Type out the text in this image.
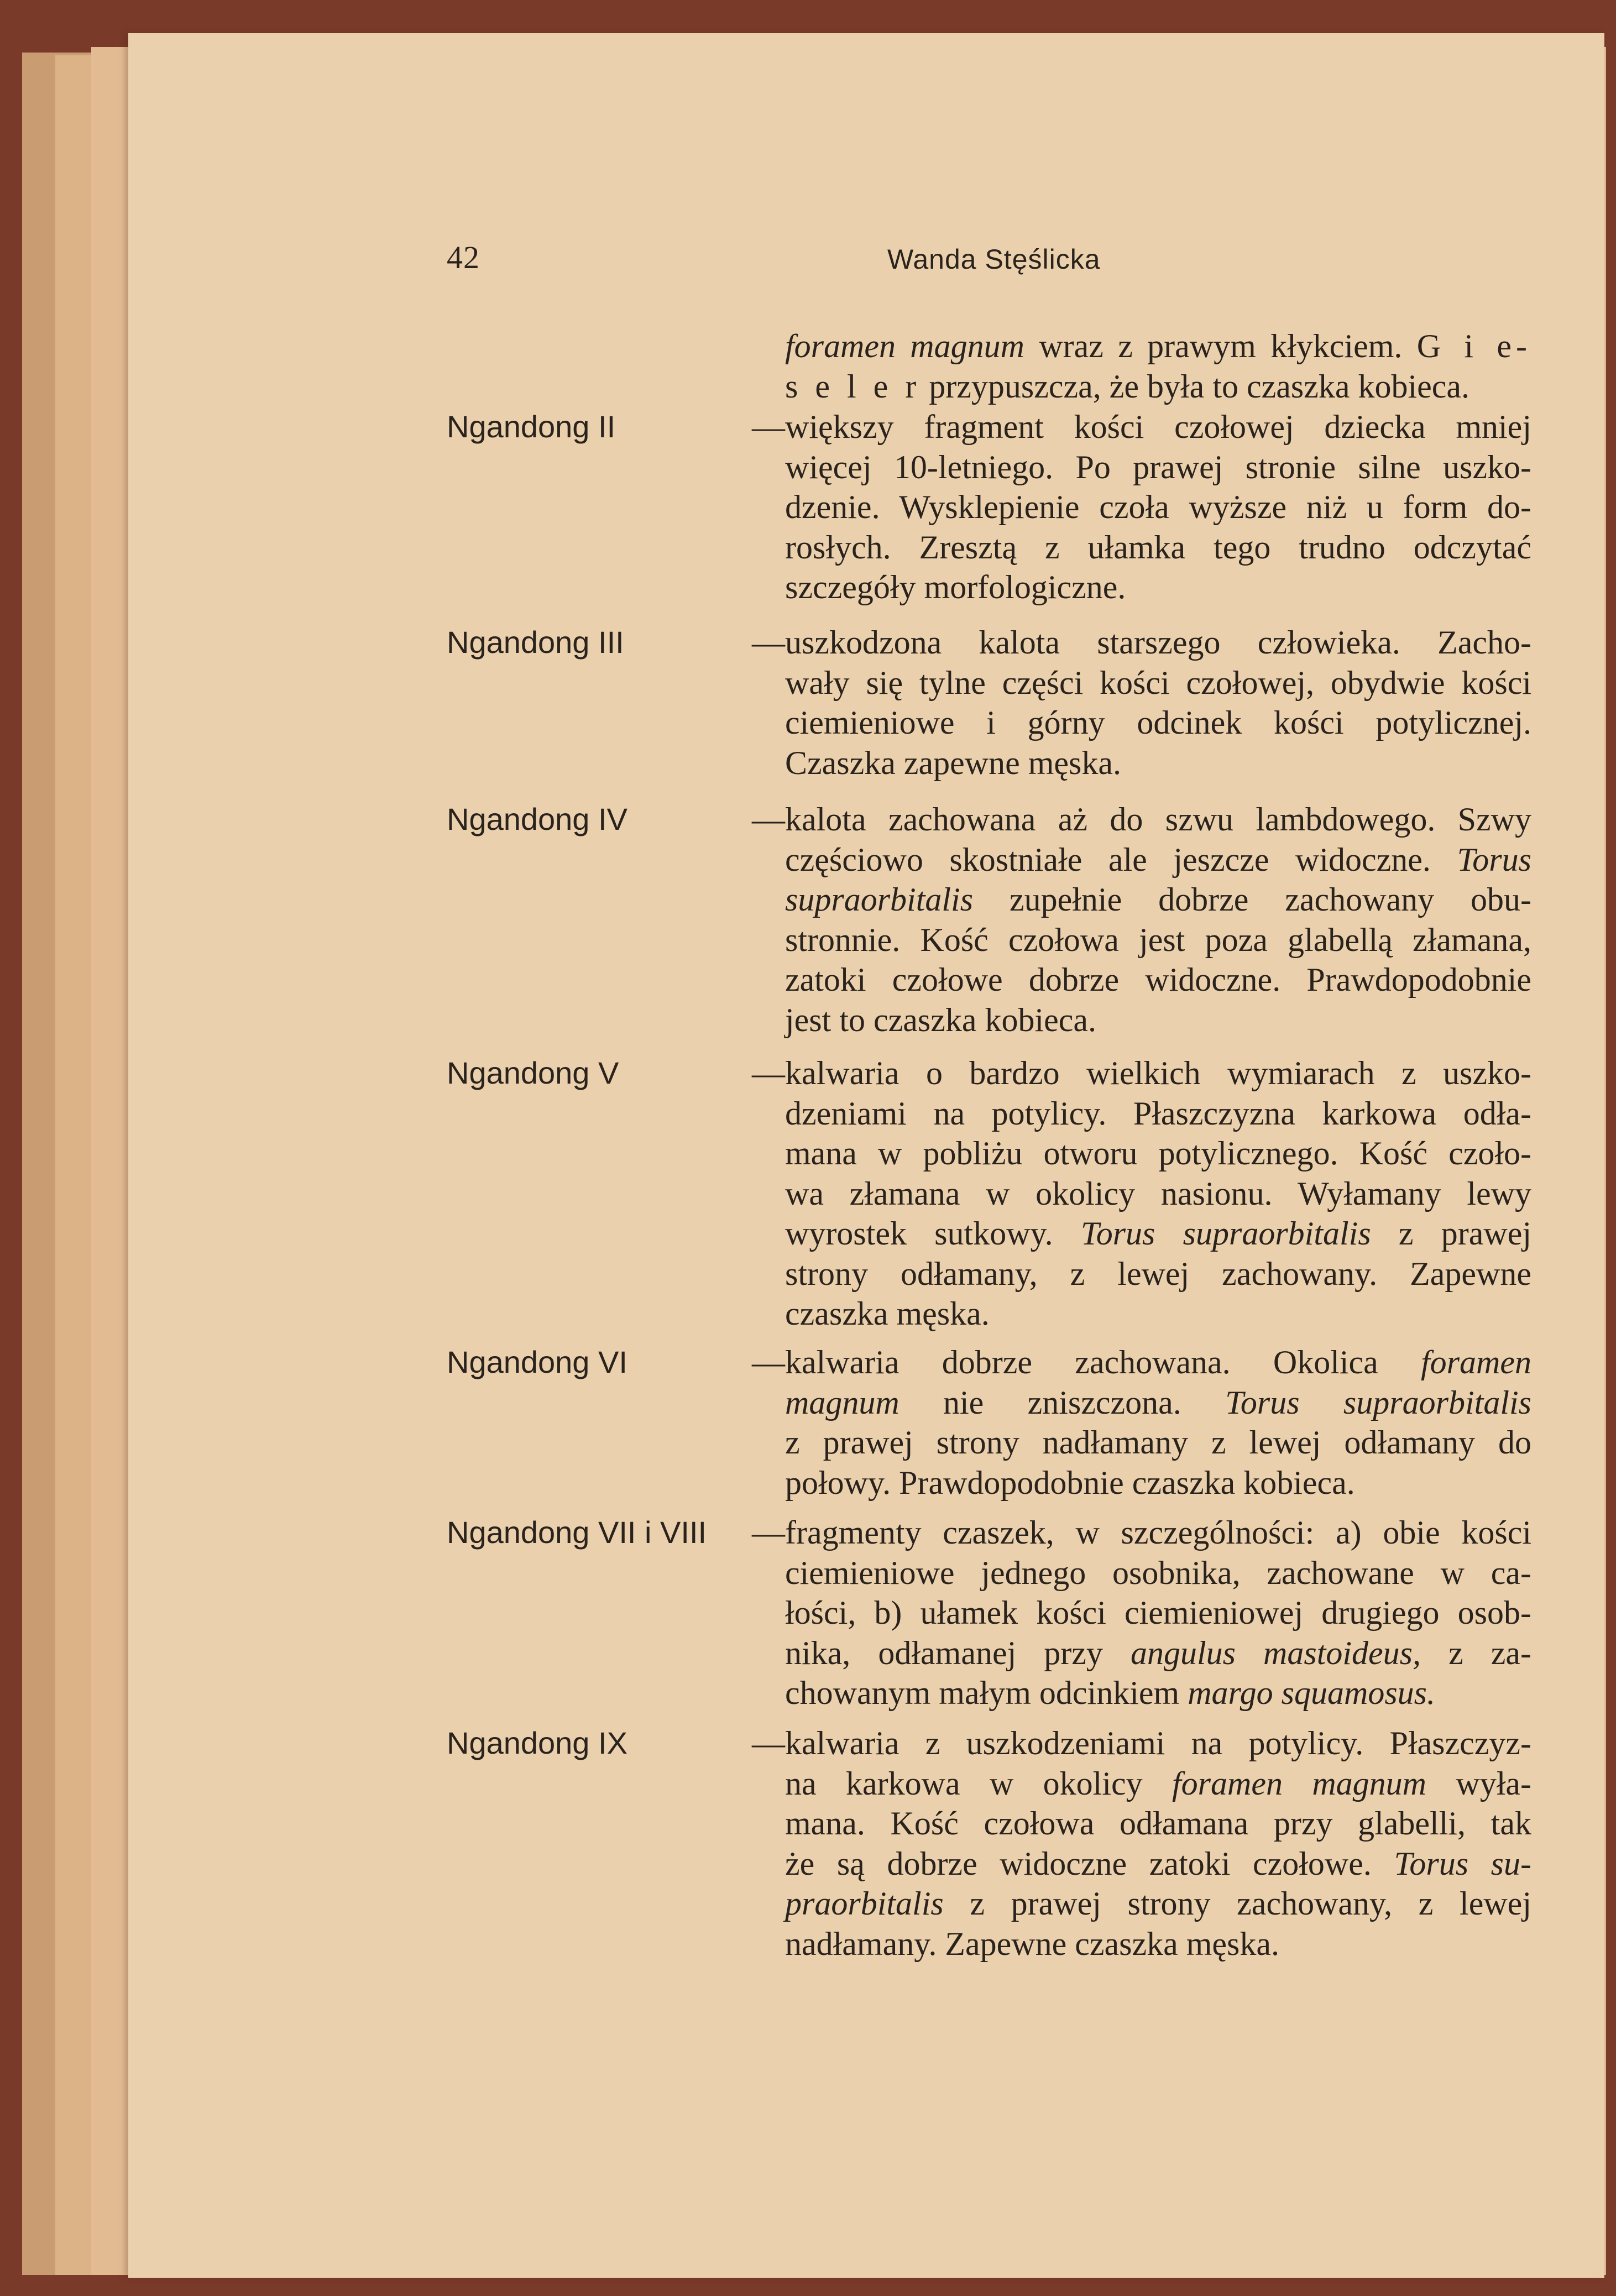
42	Wanda Stęślicka
foramen magnum wraz z prawym kłykciem. G i e-
s e l e r przypuszcza, że była to czaszka kobieca.
Ngandong II	— większy fragment kości czołowej dziecka mniej
więcej 10-letniego. Po prawej stronie silne uszko-
dzenie. Wysklepienie czoła wyższe niż u form do-
rosłych. Zresztą z ułamka tego trudno odczytać
szczegóły morfologiczne.
Ngandong III	— uszkodzona kalota starszego człowieka. Zacho-
wały się tylne części kości czołowej, obydwie kości
ciemieniowe i górny odcinek kości potylicznej.
Czaszka zapewne męska.
Ngandong IV	— kalota zachowana aż do szwu lambdowego. Szwy
częściowo skostniałe ale jeszcze widoczne. Torus
supraorbitalis zupełnie dobrze zachowany obu-
stronnie. Kość czołowa jest poza glabellą złamana,
zatoki czołowe dobrze widoczne. Prawdopodobnie
jest to czaszka kobieca.
Ngandong V	— kalwaria o bardzo wielkich wymiarach z uszko-
dzeniami na potylicy. Płaszczyzna karkowa odła-
mana w pobliżu otworu potylicznego. Kość czoło-
wa złamana w okolicy nasionu. Wyłamany lewy
wyrostek sutkowy. Torus supraorbitalis z prawej
strony odłamany, z lewej zachowany. Zapewne
czaszka męska.
Ngandong VI	— kalwaria dobrze zachowana. Okolica foramen
magnum nie zniszczona. Torus supraorbitalis
z prawej strony nadłamany z lewej odłamany do
połowy. Prawdopodobnie czaszka kobieca.
Ngandong VII i VIII — fragmenty czaszek, w szczególności: a) obie kości
ciemieniowe jednego osobnika, zachowane w ca-
łości, b) ułamek kości ciemieniowej drugiego osob-
nika, odłamanej przy angulus mastoideus, z za-
chowanym małym odcinkiem margo squamosus.
Ngandong IX	— kalwaria z uszkodzeniami na potylicy. Płaszczyz-
na karkowa w okolicy foramen magnum wyła-
mana. Kość czołowa odłamana przy glabelli, tak
że są dobrze widoczne zatoki czołowe. Torus su-
praorbitalis z prawej strony zachowany, z lewej
nadłamany. Zapewne czaszka męska.
